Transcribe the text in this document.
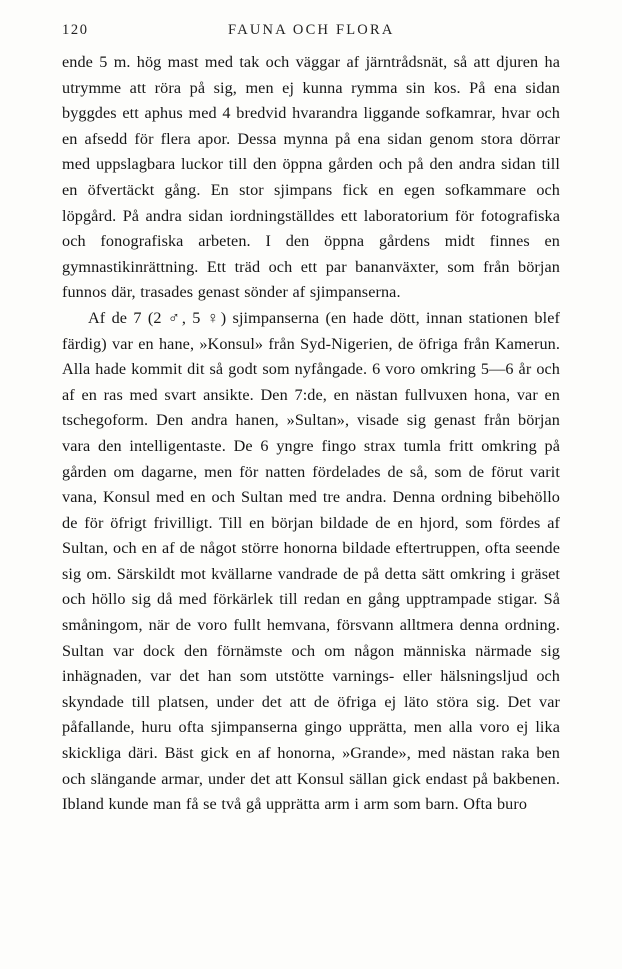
120	FAUNA OCH FLORA

ende 5 m. hög mast med tak och väggar af järntrådsnät, så att djuren ha utrymme att röra på sig, men ej kunna rymma sin kos. På ena sidan byggdes ett aphus med 4 bredvid hvarandra liggande sofkamrar, hvar och en afsedd för flera apor. Dessa mynna på ena sidan genom stora dörrar med uppslagbara luckor till den öppna gården och på den andra sidan till en öfvertäckt gång. En stor sjimpans fick en egen sofkammare och löpgård. På andra sidan iordningställdes ett laboratorium för fotografiska och fonografiska arbeten. I den öppna gårdens midt finnes en gymnastikinrättning. Ett träd och ett par bananväxter, som från början funnos där, trasades genast sönder af sjimpanserna.

Af de 7 (2 ♂, 5 ♀) sjimpanserna (en hade dött, innan stationen blef färdig) var en hane, »Konsul» från Syd-Nigerien, de öfriga från Kamerun. Alla hade kommit dit så godt som nyfångade. 6 voro omkring 5—6 år och af en ras med svart ansikte. Den 7:de, en nästan fullvuxen hona, var en tschegoform. Den andra hanen, »Sultan», visade sig genast från början vara den intelligentaste. De 6 yngre fingo strax tumla fritt omkring på gården om dagarne, men för natten fördelades de så, som de förut varit vana, Konsul med en och Sultan med tre andra. Denna ordning bibehöllo de för öfrigt frivilligt. Till en början bildade de en hjord, som fördes af Sultan, och en af de något större honorna bildade eftertruppen, ofta seende sig om. Särskildt mot kvällarne vandrade de på detta sätt omkring i gräset och höllo sig då med förkärlek till redan en gång upptrampade stigar. Så småningom, när de voro fullt hemvana, försvann alltmera denna ordning. Sultan var dock den förnämste och om någon människa närmade sig inhägnaden, var det han som utstötte varnings- eller hälsningsljud och skyndade till platsen, under det att de öfriga ej läto störa sig. Det var påfallande, huru ofta sjimpanserna gingo upprätta, men alla voro ej lika skickliga däri. Bäst gick en af honorna, »Grande», med nästan raka ben och slängande armar, under det att Konsul sällan gick endast på bakbenen. Ibland kunde man få se två gå upprätta arm i arm som barn. Ofta buro
